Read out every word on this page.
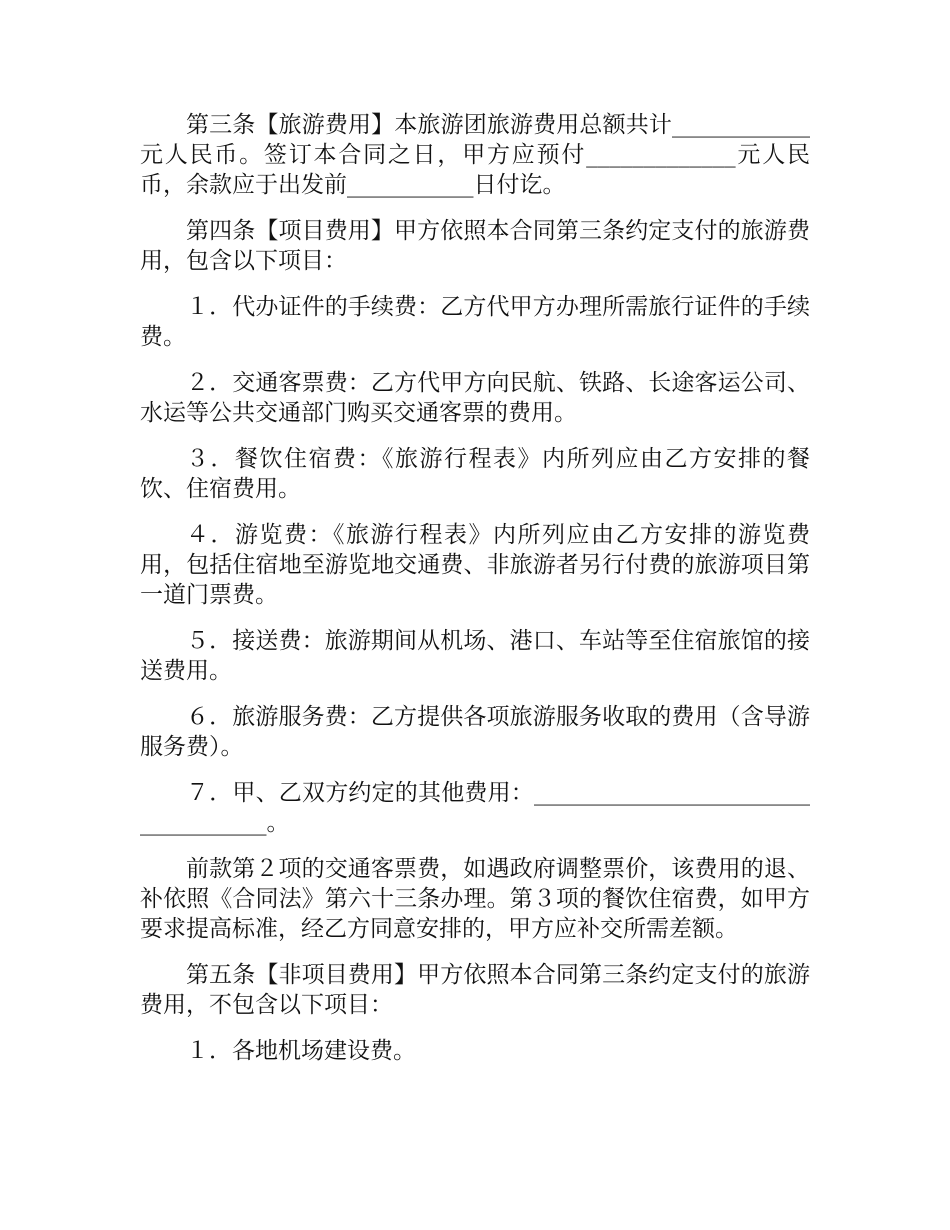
第三条【旅游费用】本旅游团旅游费用总额共计____________元人民币。签订本合同之日，甲方应预付_____________元人民币，余款应于出发前___________日付讫。

第四条【项目费用】甲方依照本合同第三条约定支付的旅游费用，包含以下项目：

１．代办证件的手续费：乙方代甲方办理所需旅行证件的手续费。

２．交通客票费：乙方代甲方向民航、铁路、长途客运公司、水运等公共交通部门购买交通客票的费用。

３．餐饮住宿费：《旅游行程表》内所列应由乙方安排的餐饮、住宿费用。

４．游览费：《旅游行程表》内所列应由乙方安排的游览费用，包括住宿地至游览地交通费、非旅游者另行付费的旅游项目第一道门票费。

５．接送费：旅游期间从机场、港口、车站等至住宿旅馆的接送费用。

６．旅游服务费：乙方提供各项旅游服务收取的费用（含导游服务费）。

７．甲、乙双方约定的其他费用：___________________________________。

前款第２项的交通客票费，如遇政府调整票价，该费用的退、补依照《合同法》第六十三条办理。第３项的餐饮住宿费，如甲方要求提高标准，经乙方同意安排的，甲方应补交所需差额。

第五条【非项目费用】甲方依照本合同第三条约定支付的旅游费用，不包含以下项目：

１．各地机场建设费。
